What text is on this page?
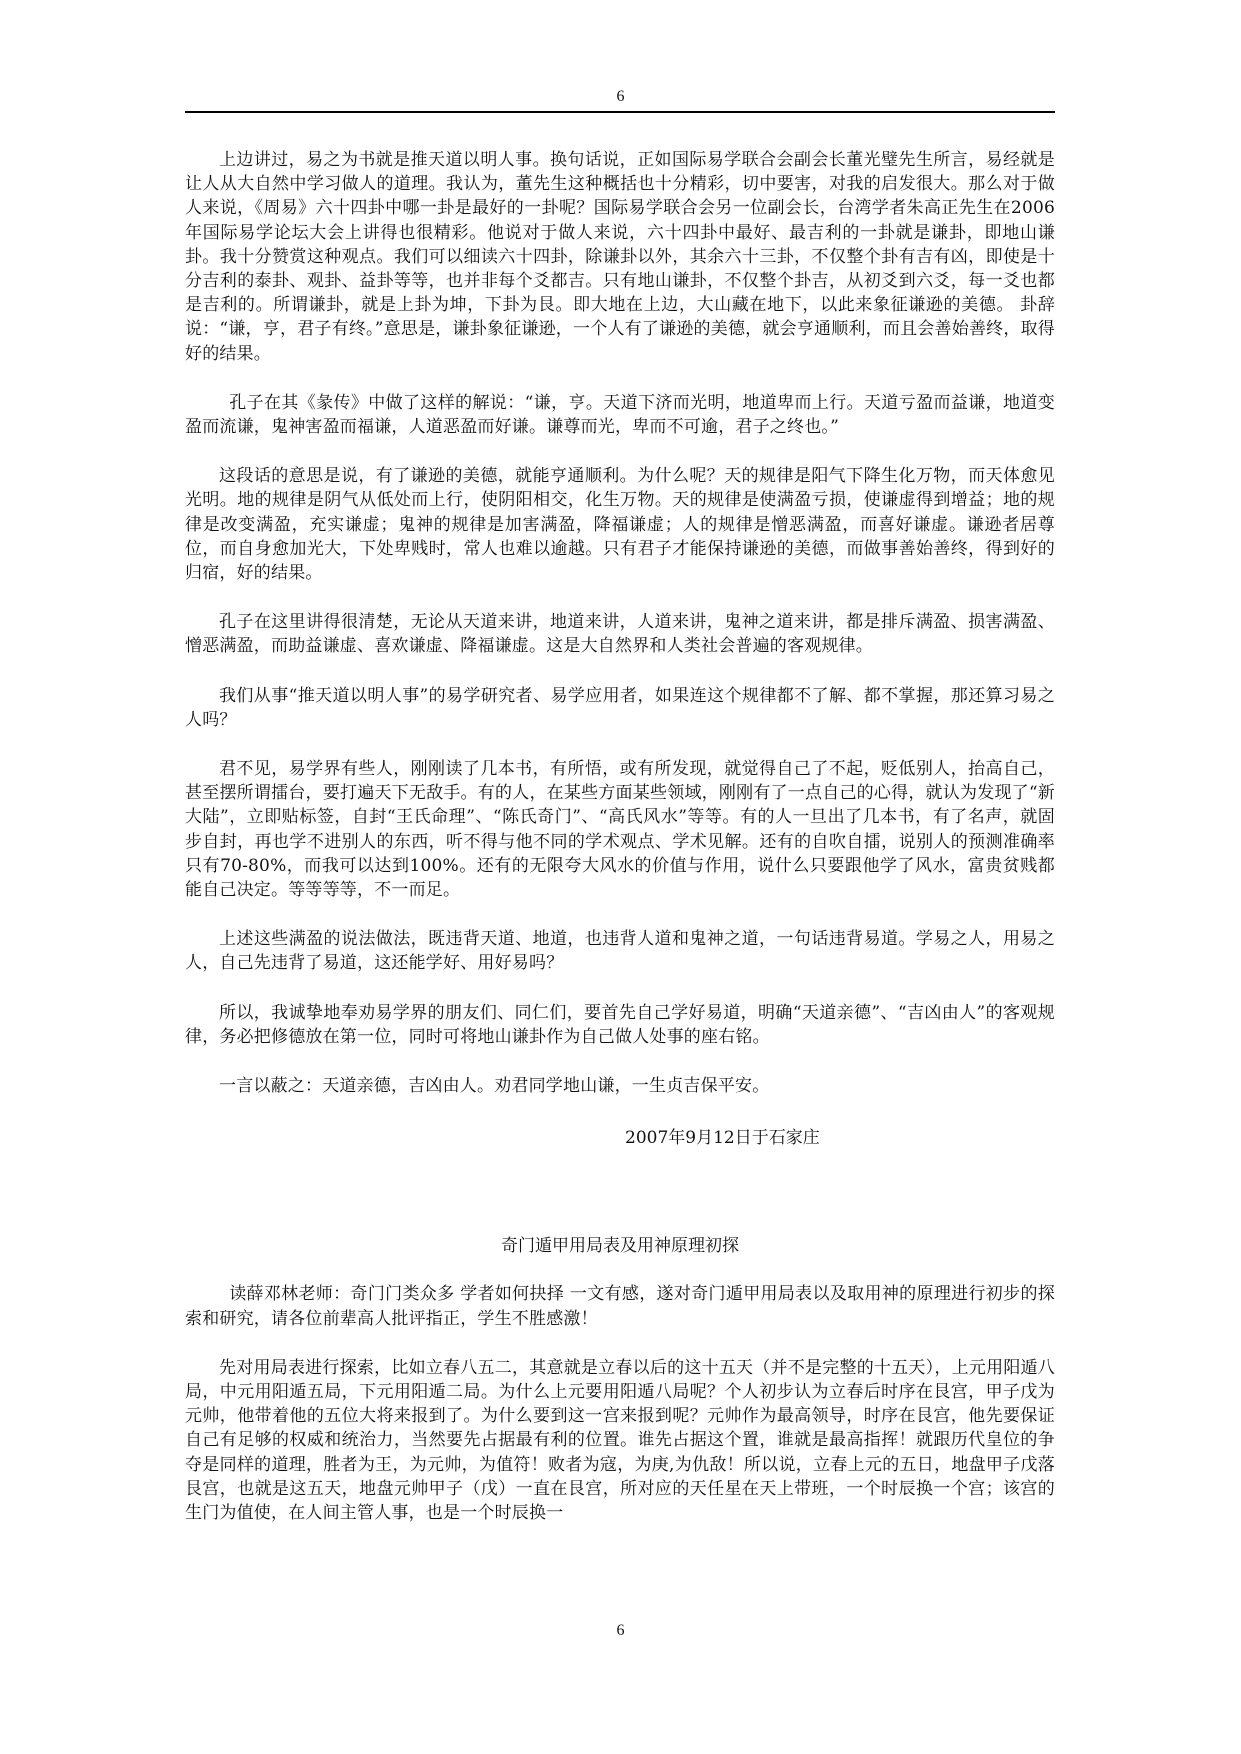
6

上边讲过，易之为书就是推天道以明人事。换句话说，正如国际易学联合会副会长董光璧先生所言，易经就是让人从大自然中学习做人的道理。我认为，董先生这种概括也十分精彩，切中要害，对我的启发很大。那么对于做人来说，《周易》六十四卦中哪一卦是最好的一卦呢？国际易学联合会另一位副会长，台湾学者朱高正先生在2006年国际易学论坛大会上讲得也很精彩。他说对于做人来说，六十四卦中最好、最吉利的一卦就是谦卦，即地山谦卦。我十分赞赏这种观点。我们可以细读六十四卦，除谦卦以外，其余六十三卦，不仅整个卦有吉有凶，即使是十分吉利的泰卦、观卦、益卦等等，也并非每个爻都吉。只有地山谦卦，不仅整个卦吉，从初爻到六爻，每一爻也都是吉利的。所谓谦卦，就是上卦为坤，下卦为艮。即大地在上边，大山藏在地下，以此来象征谦逊的美德。 卦辞说：“谦，亨，君子有终。”意思是，谦卦象征谦逊，一个人有了谦逊的美德，就会亨通顺利，而且会善始善终，取得好的结果。

孔子在其《彖传》中做了这样的解说：“谦，亨。天道下济而光明，地道卑而上行。天道亏盈而益谦，地道变盈而流谦，鬼神害盈而福谦，人道恶盈而好谦。谦尊而光，卑而不可逾，君子之终也。”

这段话的意思是说，有了谦逊的美德，就能亨通顺利。为什么呢？天的规律是阳气下降生化万物，而天体愈见光明。地的规律是阴气从低处而上行，使阴阳相交，化生万物。天的规律是使满盈亏损，使谦虚得到增益；地的规律是改变满盈，充实谦虚；鬼神的规律是加害满盈，降福谦虚；人的规律是憎恶满盈，而喜好谦虚。谦逊者居尊位，而自身愈加光大，下处卑贱时，常人也难以逾越。只有君子才能保持谦逊的美德，而做事善始善终，得到好的归宿，好的结果。

孔子在这里讲得很清楚，无论从天道来讲，地道来讲，人道来讲，鬼神之道来讲，都是排斥满盈、损害满盈、憎恶满盈，而助益谦虚、喜欢谦虚、降福谦虚。这是大自然界和人类社会普遍的客观规律。

我们从事“推天道以明人事”的易学研究者、易学应用者，如果连这个规律都不了解、都不掌握，那还算习易之人吗？

君不见，易学界有些人，刚刚读了几本书，有所悟，或有所发现，就觉得自己了不起，贬低别人，抬高自己，甚至摆所谓擂台，要打遍天下无敌手。有的人，在某些方面某些领域，刚刚有了一点自己的心得，就认为发现了“新大陆”，立即贴标签，自封“王氏命理”、“陈氏奇门”、“高氏风水”等等。有的人一旦出了几本书，有了名声，就固步自封，再也学不进别人的东西，听不得与他不同的学术观点、学术见解。还有的自吹自擂，说别人的预测准确率只有70-80%，而我可以达到100%。还有的无限夸大风水的价值与作用，说什么只要跟他学了风水，富贵贫贱都能自己决定。等等等等，不一而足。

上述这些满盈的说法做法，既违背天道、地道，也违背人道和鬼神之道，一句话违背易道。学易之人，用易之人，自己先违背了易道，这还能学好、用好易吗？

所以，我诚挚地奉劝易学界的朋友们、同仁们，要首先自己学好易道，明确“天道亲德”、“吉凶由人”的客观规律，务必把修德放在第一位，同时可将地山谦卦作为自己做人处事的座右铭。

一言以蔽之：天道亲德，吉凶由人。劝君同学地山谦，一生贞吉保平安。

2007年9月12日于石家庄

奇门遁甲用局表及用神原理初探

读薛邓林老师：奇门门类众多 学者如何抉择 一文有感，遂对奇门遁甲用局表以及取用神的原理进行初步的探索和研究，请各位前辈高人批评指正，学生不胜感激！

先对用局表进行探索，比如立春八五二，其意就是立春以后的这十五天（并不是完整的十五天），上元用阳遁八局，中元用阳遁五局，下元用阳遁二局。为什么上元要用阳遁八局呢？个人初步认为立春后时序在艮宫，甲子戊为元帅，他带着他的五位大将来报到了。为什么要到这一宫来报到呢？元帅作为最高领导，时序在艮宫，他先要保证自己有足够的权威和统治力，当然要先占据最有利的位置。谁先占据这个置，谁就是最高指挥！就跟历代皇位的争夺是同样的道理，胜者为王，为元帅，为值符！败者为寇，为庚,为仇敌！所以说，立春上元的五日，地盘甲子戊落艮宫，也就是这五天，地盘元帅甲子（戊）一直在艮宫，所对应的天任星在天上带班，一个时辰换一个宫；该宫的生门为值使，在人间主管人事，也是一个时辰换一

6
